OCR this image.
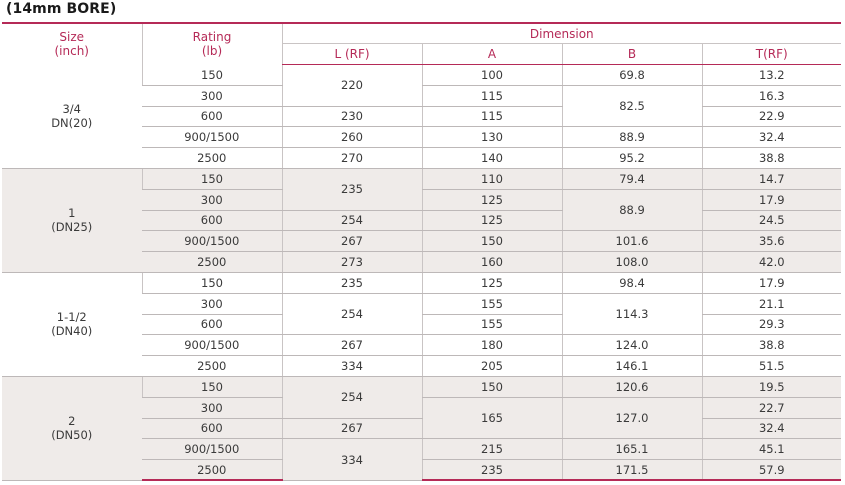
(14mm BORE)
Size
(inch)	Rating
(lb)	Dimension			
		L (RF)	A	B	T(RF)
3/4
DN(20)	150	220	100	69.8	13.2
	300		115	82.5	16.3
	600	230	115		22.9
	900/1500	260	130	88.9	32.4
	2500	270	140	95.2	38.8
1
(DN25)	150	235	110	79.4	14.7
	300		125	88.9	17.9
	600	254	125		24.5
	900/1500	267	150	101.6	35.6
	2500	273	160	108.0	42.0
1-1/2
(DN40)	150	235	125	98.4	17.9
	300	254	155	114.3	21.1
	600		155		29.3
	900/1500	267	180	124.0	38.8
	2500	334	205	146.1	51.5
2
(DN50)	150	254	150	120.6	19.5
	300		165	127.0	22.7
	600	267			32.4
	900/1500	334	215	165.1	45.1
	2500		235	171.5	57.9
